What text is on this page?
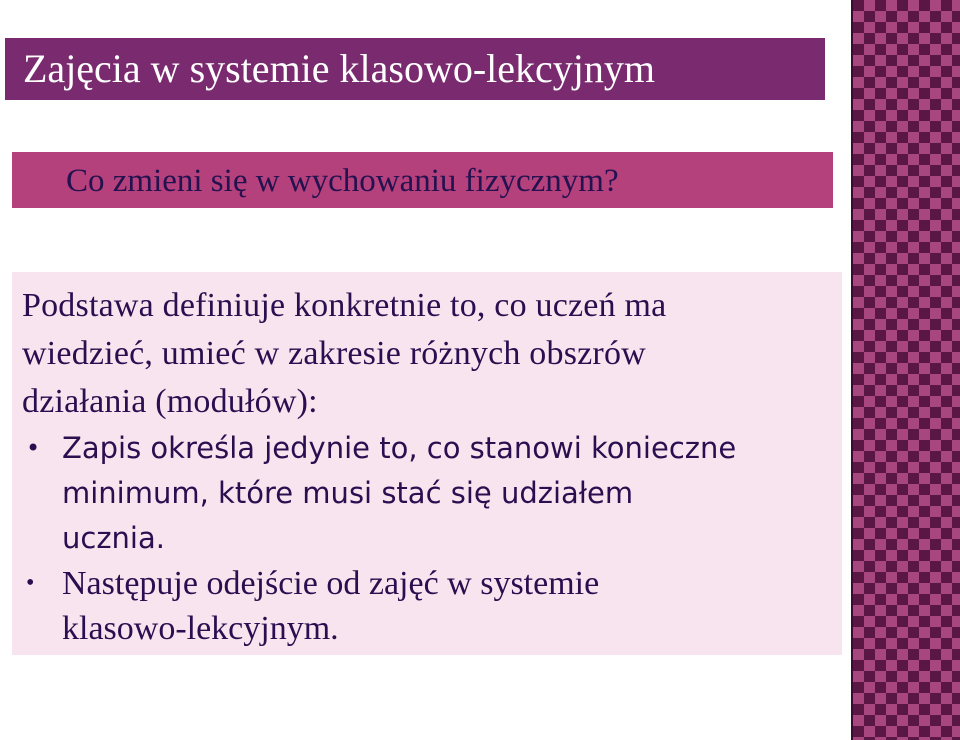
Zajęcia w systemie klasowo-lekcyjnym
Co zmieni się w wychowaniu fizycznym?
Podstawa definiuje konkretnie to, co uczeń ma
wiedzieć, umieć w zakresie różnych obszrów
działania (modułów):
• Zapis określa jedynie to, co stanowi konieczne
minimum, które musi stać się udziałem
ucznia.
• Następuje odejście od zajęć w systemie
klasowo-lekcyjnym.
